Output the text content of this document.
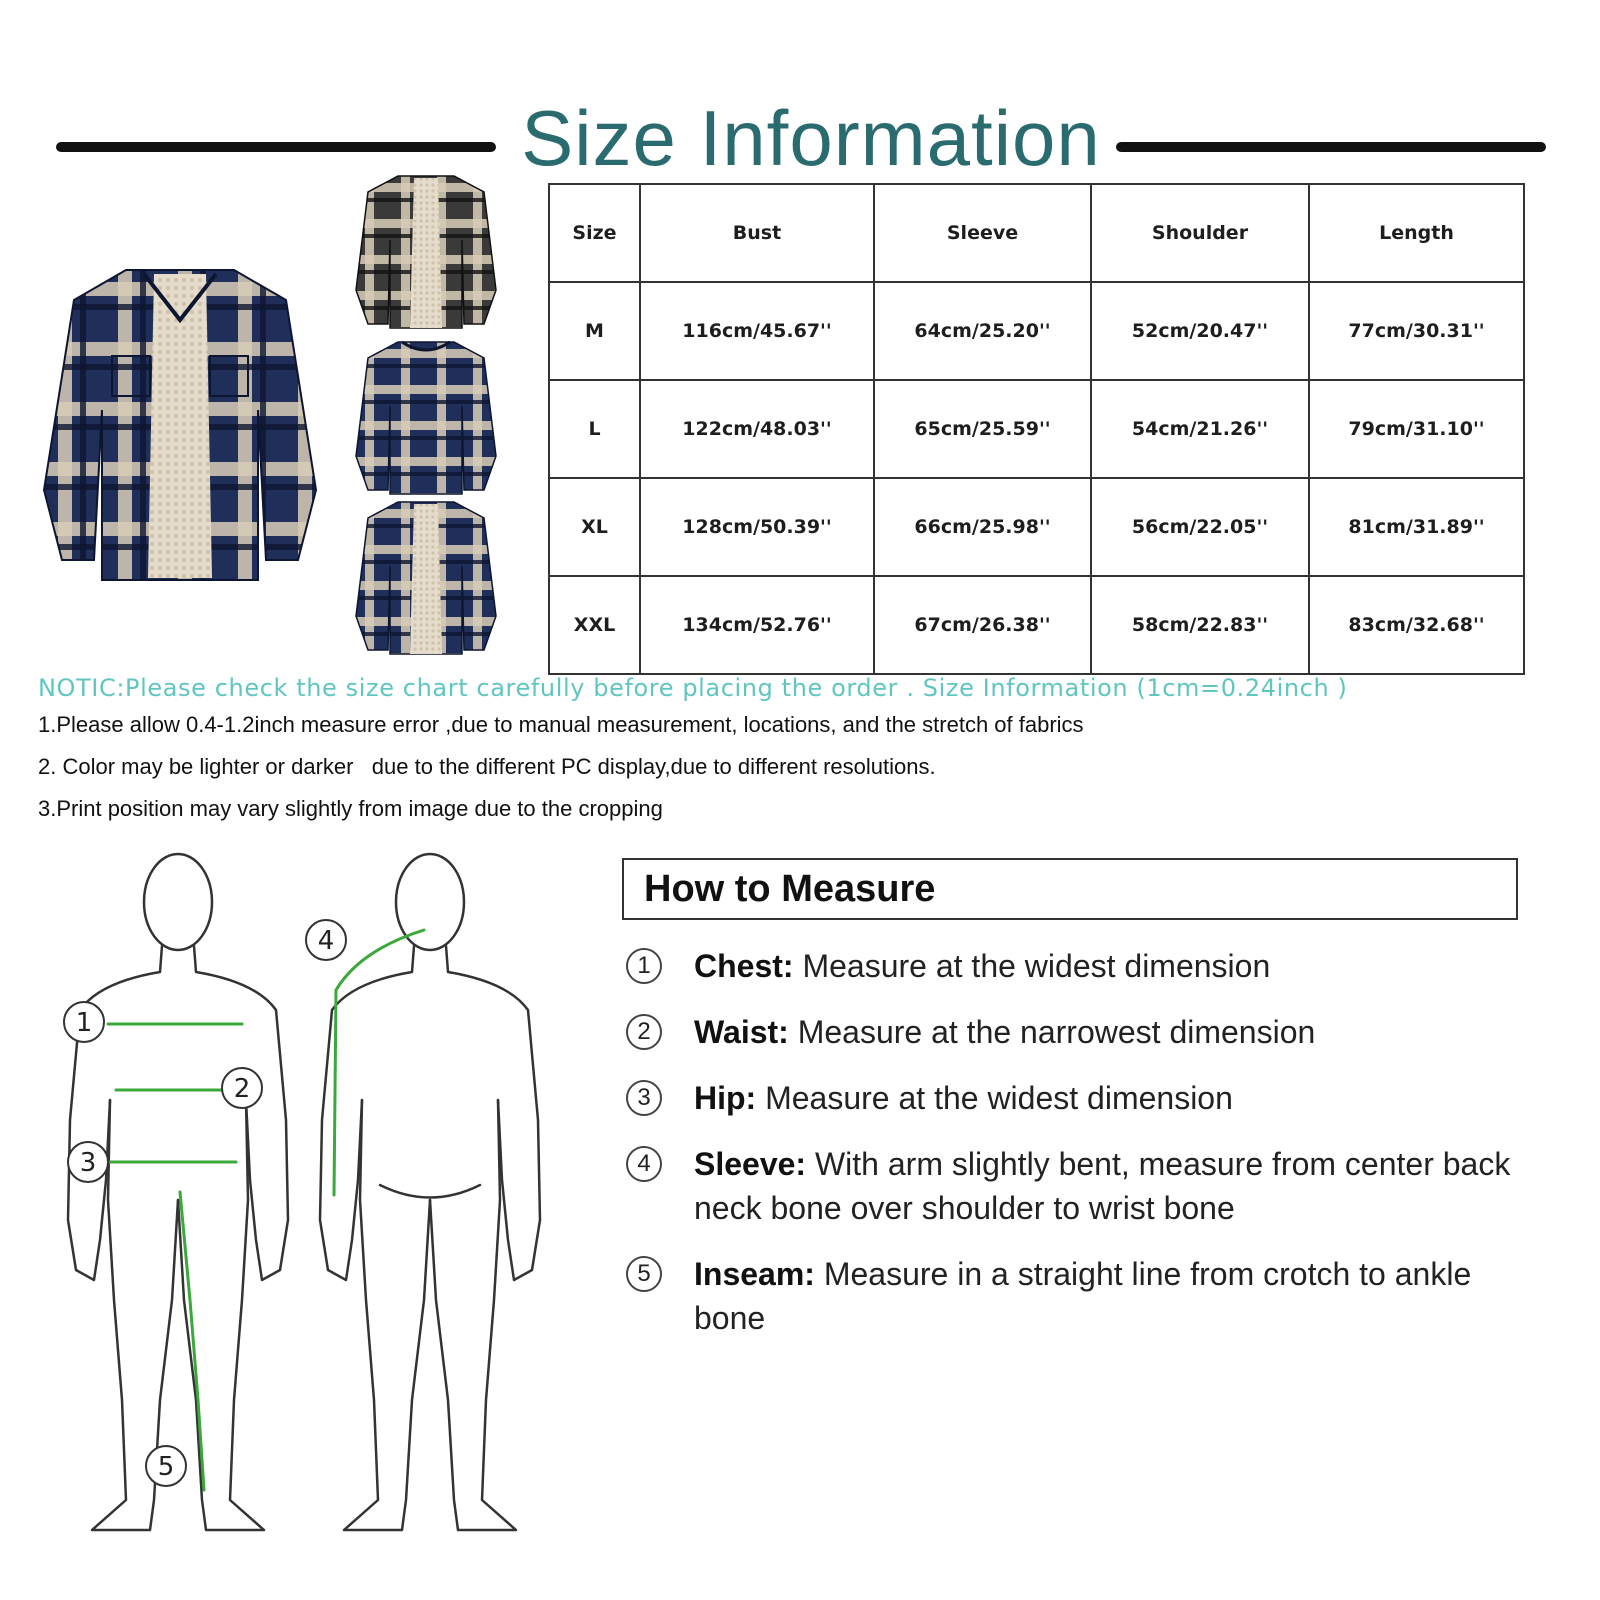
Size Information
Size	Bust	Sleeve	Shoulder	Length
M	116cm/45.67''	64cm/25.20''	52cm/20.47''	77cm/30.31''
L	122cm/48.03''	65cm/25.59''	54cm/21.26''	79cm/31.10''
XL	128cm/50.39''	66cm/25.98''	56cm/22.05''	81cm/31.89''
XXL	134cm/52.76''	67cm/26.38''	58cm/22.83''	83cm/32.68''
NOTIC:Please check the size chart carefully before placing the order . Size Information (1cm=0.24inch )
1.Please allow 0.4-1.2inch measure error ,due to manual measurement, locations, and the stretch of fabrics
2. Color may be lighter or darker   due to the different PC display,due to different resolutions.
3.Print position may vary slightly from image due to the cropping
1
2
3
4
5
How to Measure
1	Chest: Measure at the widest dimension
2	Waist: Measure at the narrowest dimension
3	Hip: Measure at the widest dimension
4	Sleeve: With arm slightly bent, measure from center back neck bone over shoulder to wrist bone
5	Inseam: Measure in a straight line from crotch to ankle bone
